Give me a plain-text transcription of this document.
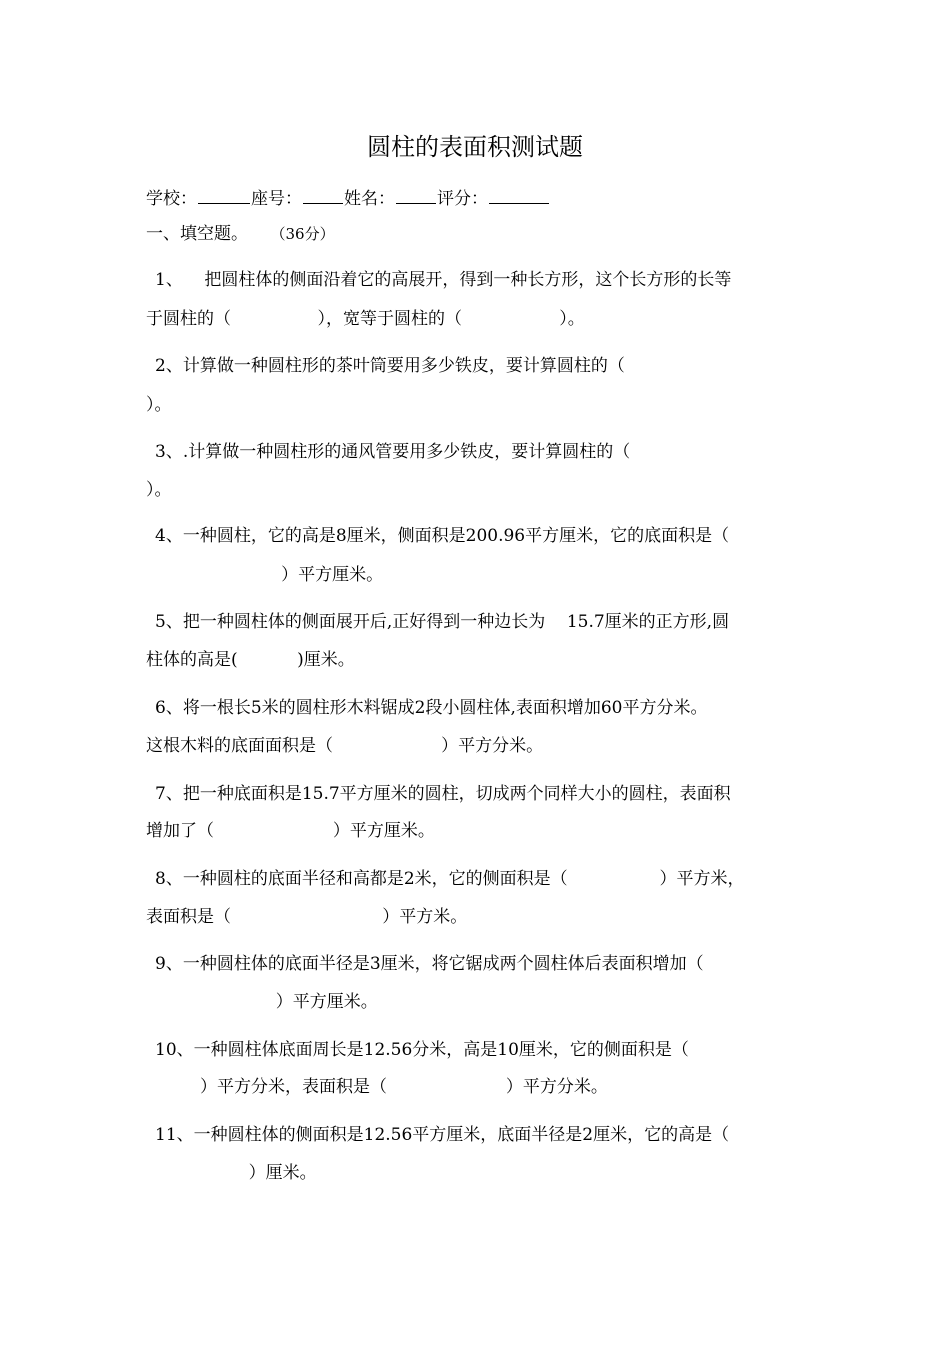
圆柱的表面积测试题
学校：	座号： 姓名： 评分：
一、填空题。 （36分）
1、    把圆柱体的侧面沿着它的高展开，得到一种长方形，这个长方形的长等
于圆柱的（                ），宽等于圆柱的（                  ）。
2、计算做一种圆柱形的茶叶筒要用多少铁皮，要计算圆柱的（
）。
3、.计算做一种圆柱形的通风管要用多少铁皮，要计算圆柱的（
）。
4、一种圆柱，它的高是8厘米，侧面积是200.96平方厘米，它的底面积是（
）平方厘米。
5、把一种圆柱体的侧面展开后,正好得到一种边长为    15.7厘米的正方形,圆
柱体的高是(           )厘米。
6、将一根长5米的圆柱形木料锯成2段小圆柱体,表面积增加60平方分米。
这根木料的底面面积是（                    ）平方分米。
7、把一种底面积是15.7平方厘米的圆柱，切成两个同样大小的圆柱，表面积
增加了（                      ）平方厘米。
8、一种圆柱的底面半径和高都是2米，它的侧面积是（                 ）平方米，
表面积是（                            ）平方米。
9、一种圆柱体的底面半径是3厘米，将它锯成两个圆柱体后表面积增加（
）平方厘米。
10、一种圆柱体底面周长是12.56分米，高是10厘米，它的侧面积是（
）平方分米，表面积是（                      ）平方分米。
11、一种圆柱体的侧面积是12.56平方厘米，底面半径是2厘米，它的高是（
）厘米。
